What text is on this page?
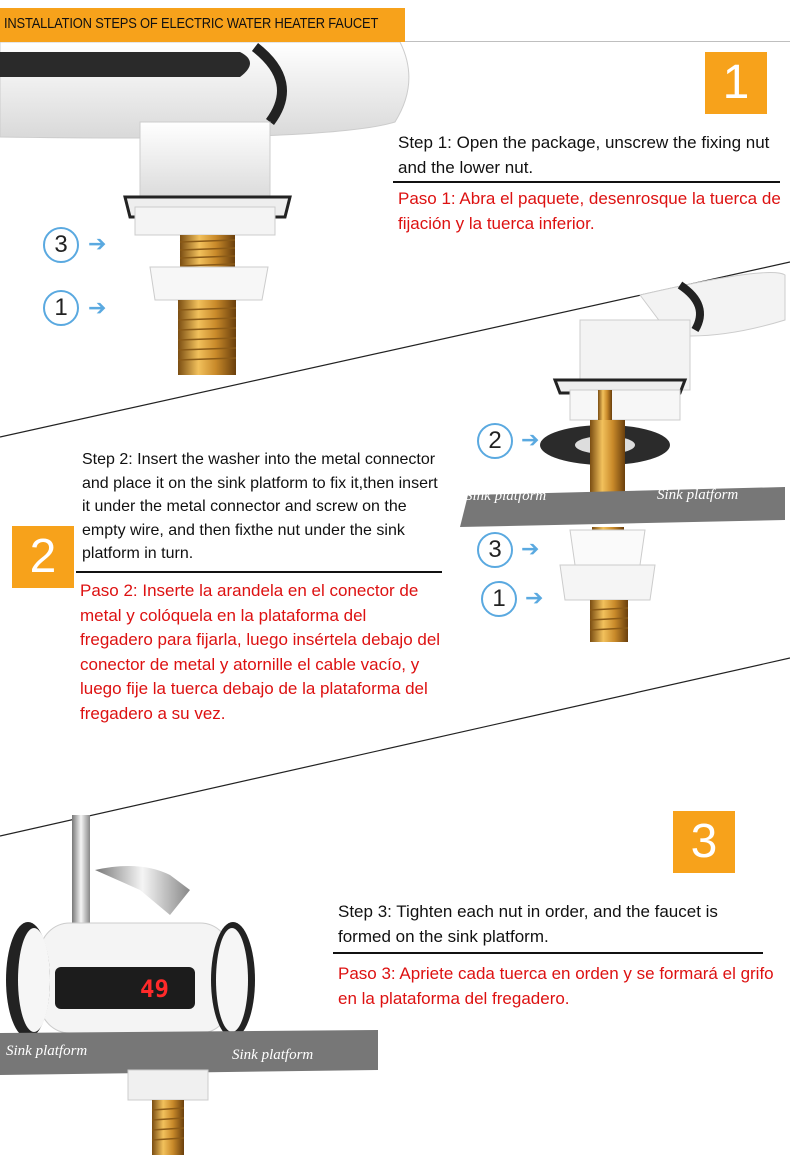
INSTALLATION STEPS OF ELECTRIC WATER HEATER FAUCET
1
Step 1: Open the package, unscrew the fixing nut and the lower nut.
Paso 1: Abra el paquete, desenrosque la tuerca de fijación y la tuerca inferior.
3 ➔
1 ➔
Sink platform	Sink platform
2 ➔
3 ➔
1 ➔
Step 2: Insert the washer into the metal connector and place it on the sink platform to fix it,then insert it under the metal connector and screw on the empty wire, and then fixthe nut under the sink platform in turn.
2
Paso 2: Inserte la arandela en el conector de metal y colóquela en la plataforma del fregadero para fijarla, luego insértela debajo del conector de metal y atornille el cable vacío, y luego fije la tuerca debajo de la plataforma del fregadero a su vez.
3
Step 3: Tighten each nut in order, and the faucet is formed on the sink platform.
Paso 3: Apriete cada tuerca en orden y se formará el grifo en la plataforma del fregadero.
49
Sink platform	Sink platform
